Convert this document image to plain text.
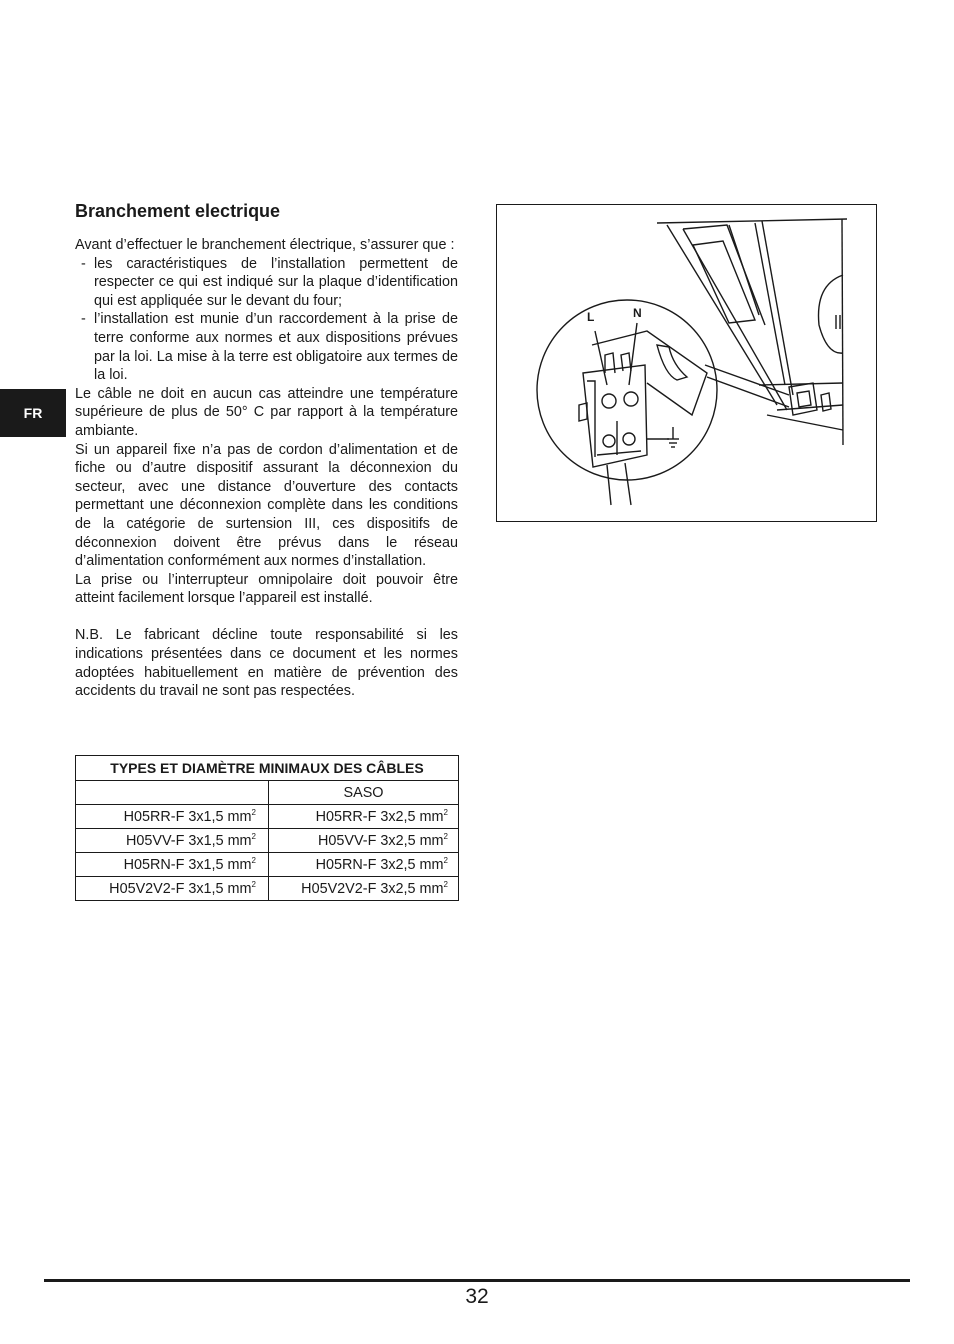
FR
Branchement electrique

Avant d’effectuer le branchement électrique, s’assurer que :

- les caractéristiques de l’installation permettent de respecter ce qui est indiqué sur la plaque d’identification qui est appliquée sur le devant du four;
- l’installation est munie d’un raccordement à la prise de terre conforme aux normes et aux dispositions prévues par la loi. La mise à la terre est obligatoire aux termes de la loi.

Le câble ne doit en aucun cas atteindre une température supérieure de plus de 50° C par rapport à la température ambiante.

Si un appareil fixe n’a pas de cordon d’alimentation et de fiche ou d’autre dispositif assurant la déconnexion du secteur, avec une distance d’ouverture des contacts permettant une déconnexion complète dans les conditions de la catégorie de surtension III, ces dispositifs de déconnexion doivent être prévus dans le réseau d’alimentation conformément aux normes d’installation.

La prise ou l’interrupteur omnipolaire doit pouvoir être atteint facilement lorsque l’appareil est installé.

N.B. Le fabricant décline toute responsabilité si les indications présentées dans ce document et les normes adoptées habituellement en matière de prévention des accidents du travail ne sont pas respectées.

TYPES ET DIAMÈTRE MINIMAUX DES CÂBLES	
	SASO
H05RR-F 3x1,5 $mm^2$	H05RR-F 3x2,5 $mm^2$
H05VV-F 3x1,5 $mm^2$	H05VV-F 3x2,5 $mm^2$
H05RN-F 3x1,5 $mm^2$	H05RN-F 3x2,5 $mm^2$
H05V2V2-F 3x1,5 $mm^2$	H05V2V2-F 3x2,5 $mm^2$
L	N
32
